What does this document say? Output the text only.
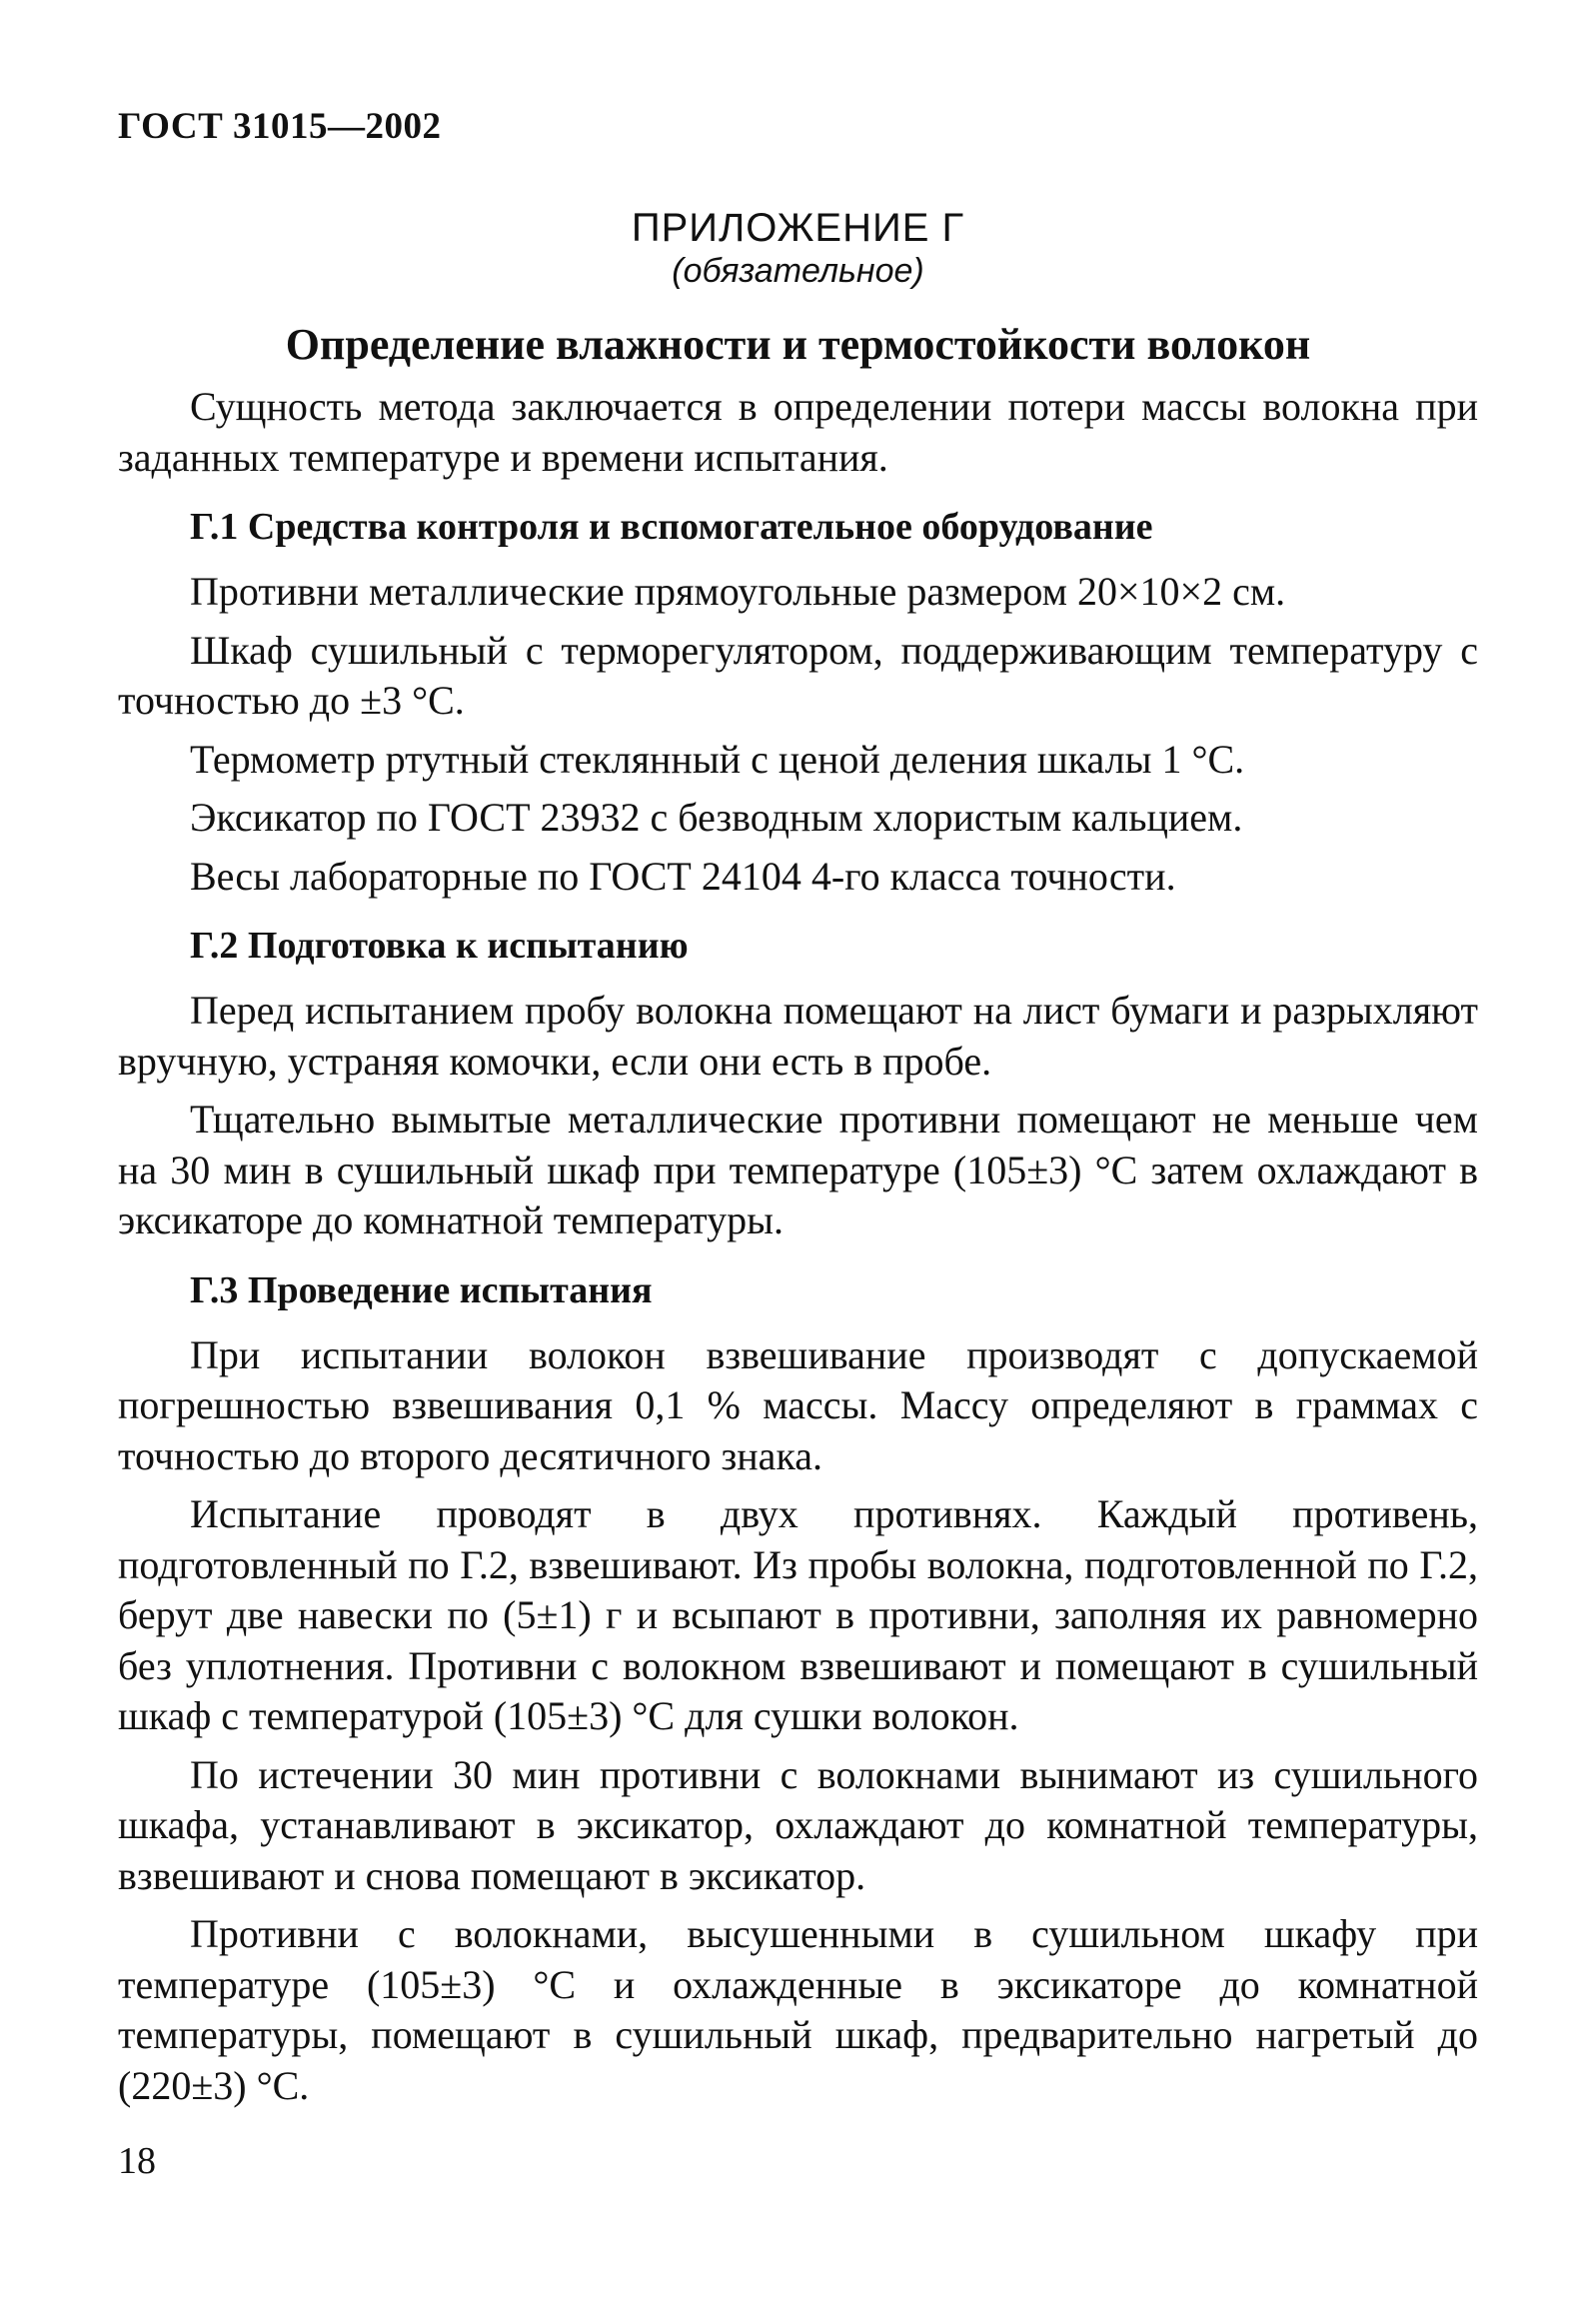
ГОСТ 31015—2002
ПРИЛОЖЕНИЕ Г
(обязательное)
Определение влажности и термостойкости волокон

Сущность метода заключается в определении потери массы волокна при заданных температуре и времени испытания.

Г.1 Средства контроля и вспомогательное оборудование

Противни металлические прямоугольные размером 20×10×2 см.

Шкаф сушильный с терморегулятором, поддерживающим температуру с точностью до ±3 °С.

Термометр ртутный стеклянный с ценой деления шкалы 1 °С.

Эксикатор по ГОСТ 23932 с безводным хлористым кальцием.

Весы лабораторные по ГОСТ 24104 4-го класса точности.

Г.2 Подготовка к испытанию

Перед испытанием пробу волокна помещают на лист бумаги и разрыхляют вручную, устраняя комочки, если они есть в пробе.

Тщательно вымытые металлические противни помещают не меньше чем на 30 мин в сушильный шкаф при температуре (105±3) °С затем охлаждают в эксикаторе до комнатной температуры.

Г.3 Проведение испытания

При испытании волокон взвешивание производят с допускаемой погрешностью взвешивания 0,1 % массы. Массу определяют в граммах с точностью до второго десятичного знака.

Испытание проводят в двух противнях. Каждый противень, подготовленный по Г.2, взвешивают. Из пробы волокна, подготовленной по Г.2, берут две навески по (5±1) г и всыпают в противни, заполняя их равномерно без уплотнения. Противни с волокном взвешивают и помещают в сушильный шкаф с температурой (105±3) °С для сушки волокон.

По истечении 30 мин противни с волокнами вынимают из сушильного шкафа, устанавливают в эксикатор, охлаждают до комнатной температуры, взвешивают и снова помещают в эксикатор.

Противни с волокнами, высушенными в сушильном шкафу при температуре (105±3) °С и охлажденные в эксикаторе до комнатной температуры, помещают в сушильный шкаф, предварительно нагретый до (220±3) °С.

18
